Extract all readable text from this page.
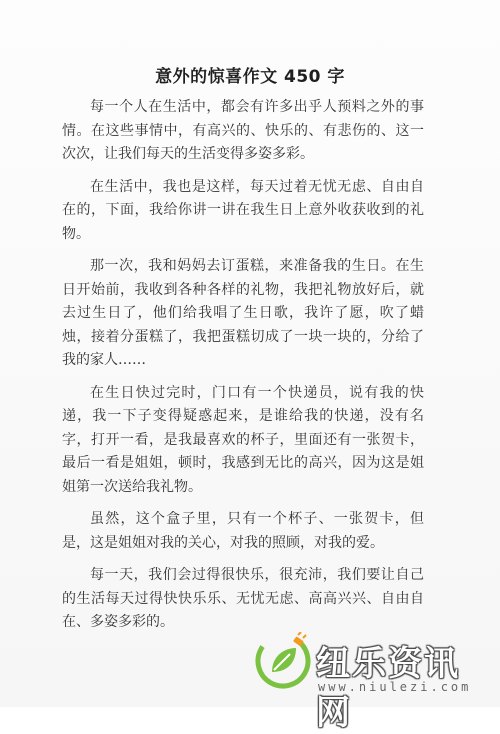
意外的惊喜作文 450 字

每一个人在生活中，都会有许多出乎人预料之外的事情。在这些事情中，有高兴的、快乐的、有悲伤的、这一次次，让我们每天的生活变得多姿多彩。

在生活中，我也是这样，每天过着无忧无虑、自由自在的，下面，我给你讲一讲在我生日上意外收获收到的礼物。

那一次，我和妈妈去订蛋糕，来准备我的生日。在生日开始前，我收到各种各样的礼物，我把礼物放好后，就去过生日了，他们给我唱了生日歌，我许了愿，吹了蜡烛，接着分蛋糕了，我把蛋糕切成了一块一块的，分给了我的家人……

在生日快过完时，门口有一个快递员，说有我的快递，我一下子变得疑惑起来，是谁给我的快递，没有名字，打开一看，是我最喜欢的杯子，里面还有一张贺卡，最后一看是姐姐，顿时，我感到无比的高兴，因为这是姐姐第一次送给我礼物。

虽然，这个盒子里，只有一个杯子、一张贺卡，但是，这是姐姐对我的关心，对我的照顾，对我的爱。

每一天，我们会过得很快乐，很充沛，我们要让自己的生活每天过得快快乐乐、无忧无虑、高高兴兴、自由自在、多姿多彩的。

纽乐资讯网
www.niulezi.com
